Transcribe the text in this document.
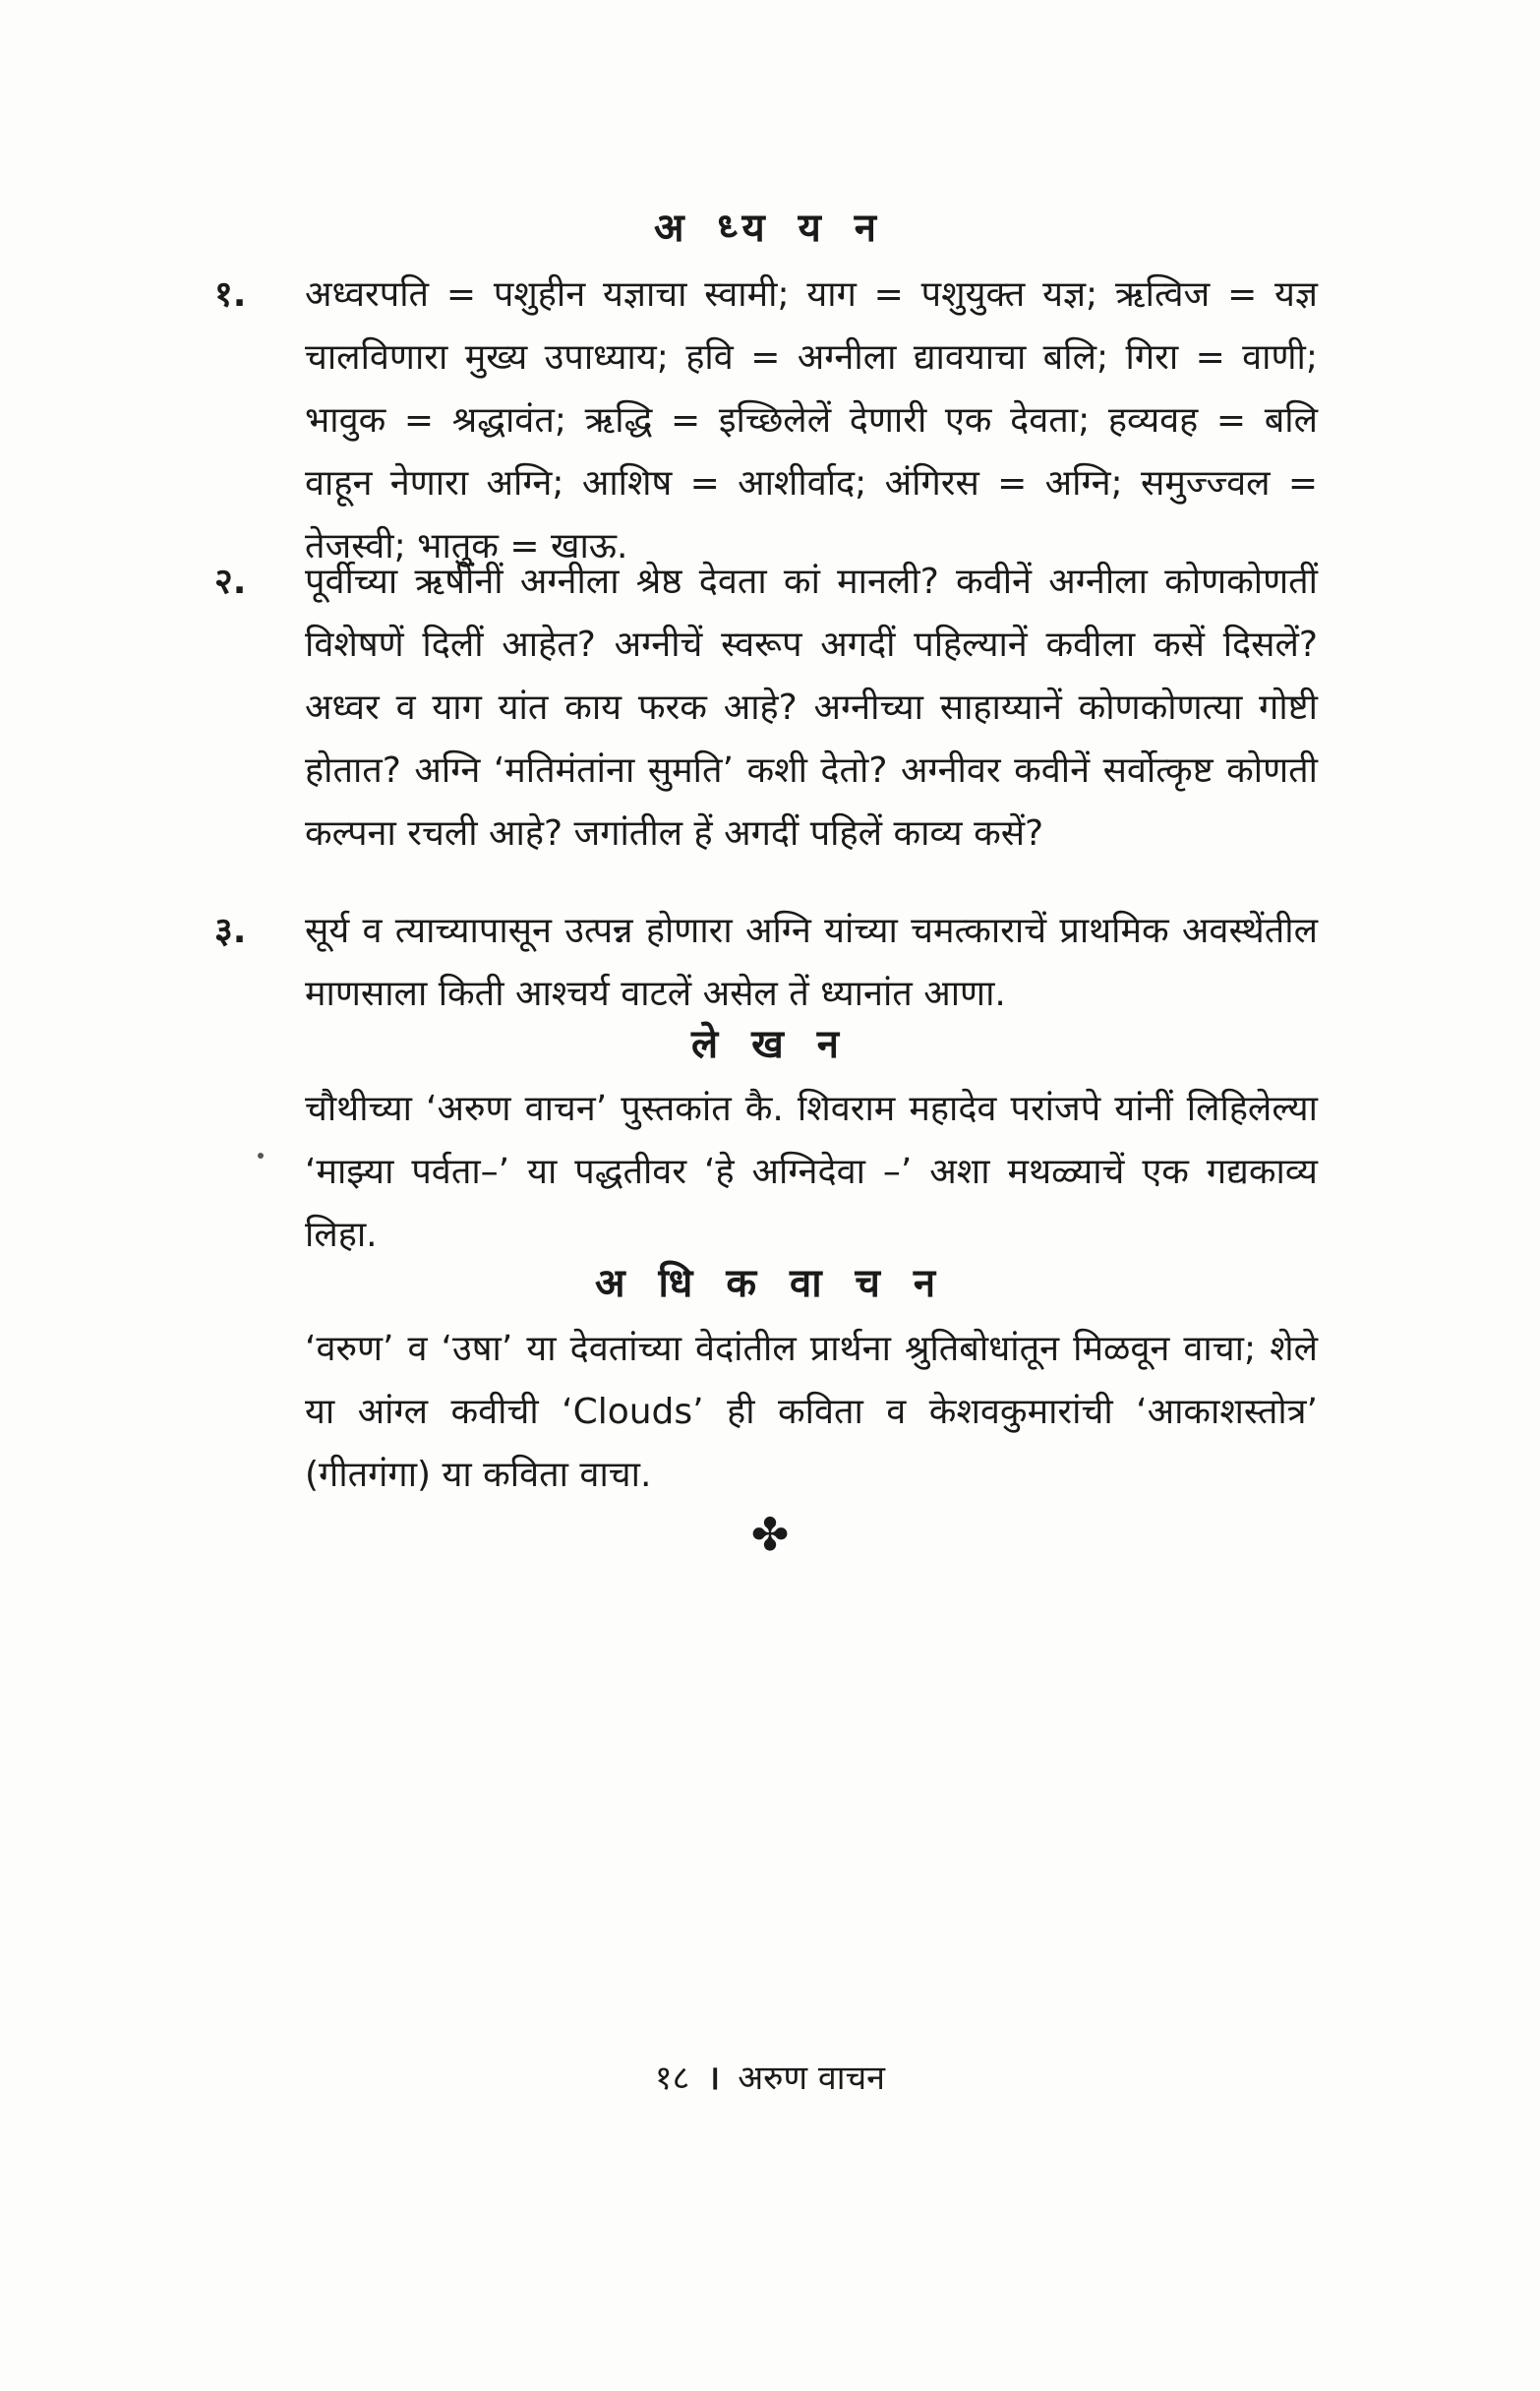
अ ध्य य न
१. अध्वरपति = पशुहीन यज्ञाचा स्वामी; याग = पशुयुक्त यज्ञ; ऋत्विज = यज्ञ चालविणारा मुख्य उपाध्याय; हवि = अग्नीला द्यावयाचा बलि; गिरा = वाणी; भावुक = श्रद्धावंत; ऋद्धि = इच्छिलेलें देणारी एक देवता; हव्यवह = बलि वाहून नेणारा अग्नि; आशिष = आशीर्वाद; अंगिरस = अग्नि; समुज्ज्वल = तेजस्वी; भातुक = खाऊ.
२. पूर्वीच्या ऋषींनीं अग्नीला श्रेष्ठ देवता कां मानली? कवीनें अग्नीला कोणकोणतीं विशेषणें दिलीं आहेत? अग्नीचें स्वरूप अगदीं पहिल्यानें कवीला कसें दिसलें? अध्वर व याग यांत काय फरक आहे? अग्नीच्या साहाय्यानें कोणकोणत्या गोष्टी होतात? अग्नि ‘मतिमंतांना सुमति’ कशी देतो? अग्नीवर कवीनें सर्वोत्कृष्ट कोणती कल्पना रचली आहे? जगांतील हें अगदीं पहिलें काव्य कसें?
३. सूर्य व त्याच्यापासून उत्पन्न होणारा अग्नि यांच्या चमत्काराचें प्राथमिक अवस्थेंतील माणसाला किती आश्चर्य वाटलें असेल तें ध्यानांत आणा.
ले ख न
चौथीच्या ‘अरुण वाचन’ पुस्तकांत कै. शिवराम महादेव परांजपे यांनीं लिहिलेल्या ‘माझ्या पर्वता–’ या पद्धतीवर ‘हे अग्निदेवा –’ अशा मथळ्याचें एक गद्यकाव्य लिहा.
अ धि क वा च न
‘वरुण’ व ‘उषा’ या देवतांच्या वेदांतील प्रार्थना श्रुतिबोधांतून मिळवून वाचा; शेले या आंग्ल कवीची ‘Clouds’ ही कविता व केशवकुमारांची ‘आकाशस्तोत्र’ (गीतगंगा) या कविता वाचा.
✤
१८ । अरुण वाचन
